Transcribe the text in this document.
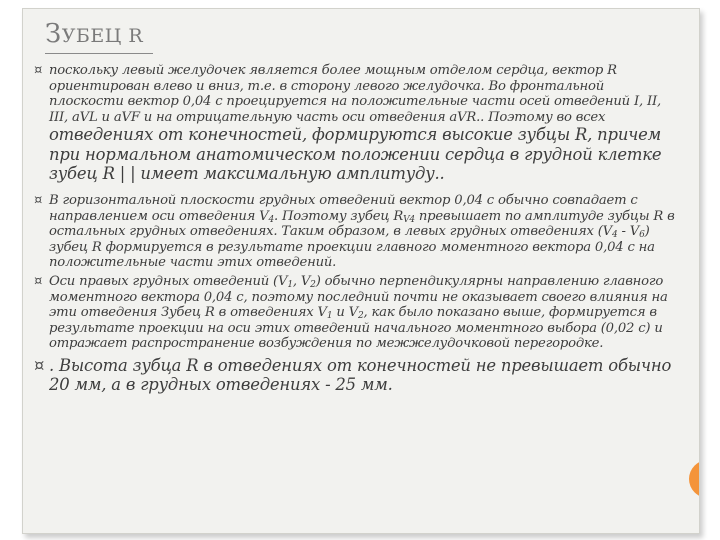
ЗУБЕЦ R
¤ поскольку левый желудочек является более мощным отделом сердца, вектор R ориентирован влево и вниз, т.е. в сторону левого желудочка. Во фронтальной плоскости вектор 0,04 с проецируется на положительные части осей отведений I, II, III, aVL и aVF и на отрицательную часть оси отведения aVR.. Поэтому во всех
отведениях от конечностей, формируются высокие зубцы R, причем при нормальном анатомическом положении сердца в грудной клетке зубец R | | имеет максимальную амплитуду..
¤ В горизонтальной плоскости грудных отведений вектор 0,04 с обычно совпадает с направлением оси отведения $V_4$. Поэтому зубец $R_{V4}$ превышает по амплитуде зубцы R в остальных грудных отведениях. Таким образом, в левых грудных отведениях $(V_4 - V_6)$ зубец R формируется в результате проекции главного моментного вектора 0,04 с на положительные части этих отведений.
¤ Оси правых грудных отведений ($V_1$, $V_2$) обычно перпендикулярны направлению главного моментного вектора 0,04 с, поэтому последний почти не оказывает своего влияния на эти отведения Зубец R в отведениях $V_1$ и $V_2$, как было показано выше, формируется в результате проекции на оси этих отведений начального моментного выбора (0,02 с) и отражает распространение возбуждения по межжелудочковой перегородке.
¤ . Высота зубца R в отведениях от конечностей не превышает обычно 20 мм, а в грудных отведениях - 25 мм.
